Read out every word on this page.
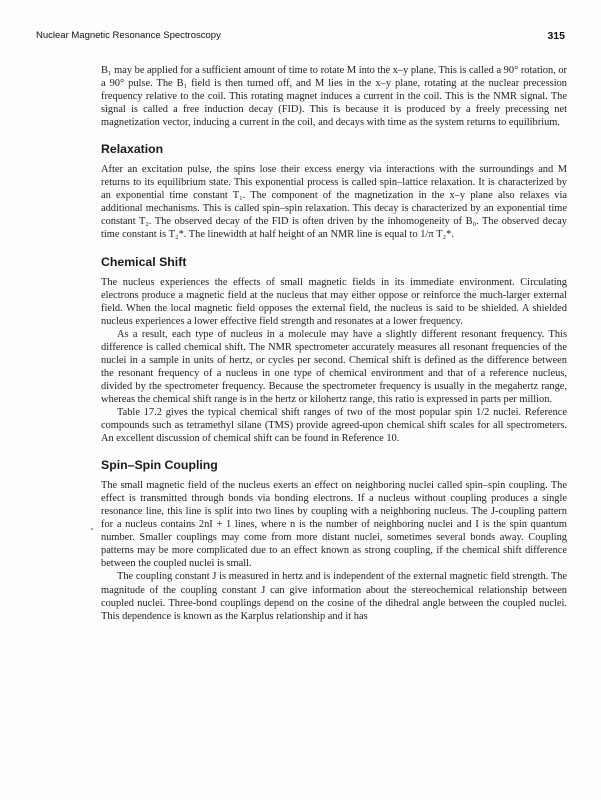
Nuclear Magnetic Resonance Spectroscopy	315

B₁ may be applied for a sufficient amount of time to rotate M into the x–y plane. This is called a 90° rotation, or a 90° pulse. The B₁ field is then turned off, and M lies in the x–y plane, rotating at the nuclear precession frequency relative to the coil. This rotating magnet induces a current in the coil. This is the NMR signal. The signal is called a free induction decay (FID). This is because it is produced by a freely precessing net magnetization vector, inducing a current in the coil, and decays with time as the system returns to equilibrium.

Relaxation

After an excitation pulse, the spins lose their excess energy via interactions with the surroundings and M returns to its equilibrium state. This exponential process is called spin–lattice relaxation. It is characterized by an exponential time constant T₁. The component of the magnetization in the x–y plane also relaxes via additional mechanisms. This is called spin–spin relaxation. This decay is characterized by an exponential time constant T₂. The observed decay of the FID is often driven by the inhomogeneity of B₀. The observed decay time constant is T₂*. The linewidth at half height of an NMR line is equal to 1/π T₂*.

Chemical Shift

The nucleus experiences the effects of small magnetic fields in its immediate environment. Circulating electrons produce a magnetic field at the nucleus that may either oppose or reinforce the much-larger external field. When the local magnetic field opposes the external field, the nucleus is said to be shielded. A shielded nucleus experiences a lower effective field strength and resonates at a lower frequency.

As a result, each type of nucleus in a molecule may have a slightly different resonant frequency. This difference is called chemical shift. The NMR spectrometer accurately measures all resonant frequencies of the nuclei in a sample in units of hertz, or cycles per second. Chemical shift is defined as the difference between the resonant frequency of a nucleus in one type of chemical environment and that of a reference nucleus, divided by the spectrometer frequency. Because the spectrometer frequency is usually in the megahertz range, whereas the chemical shift range is in the hertz or kilohertz range, this ratio is expressed in parts per million.

Table 17.2 gives the typical chemical shift ranges of two of the most popular spin 1/2 nuclei. Reference compounds such as tetramethyl silane (TMS) provide agreed-upon chemical shift scales for all spectrometers. An excellent discussion of chemical shift can be found in Reference 10.

Spin–Spin Coupling

The small magnetic field of the nucleus exerts an effect on neighboring nuclei called spin–spin coupling. The effect is transmitted through bonds via bonding electrons. If a nucleus without coupling produces a single resonance line, this line is split into two lines by coupling with a neighboring nucleus. The J-coupling pattern for a nucleus contains 2nI + 1 lines, where n is the number of neighboring nuclei and I is the spin quantum number. Smaller couplings may come from more distant nuclei, sometimes several bonds away. Coupling patterns may be more complicated due to an effect known as strong coupling, if the chemical shift difference between the coupled nuclei is small.

The coupling constant J is measured in hertz and is independent of the external magnetic field strength. The magnitude of the coupling constant J can give information about the stereochemical relationship between coupled nuclei. Three-bond couplings depend on the cosine of the dihedral angle between the coupled nuclei. This dependence is known as the Karplus relationship and it has
